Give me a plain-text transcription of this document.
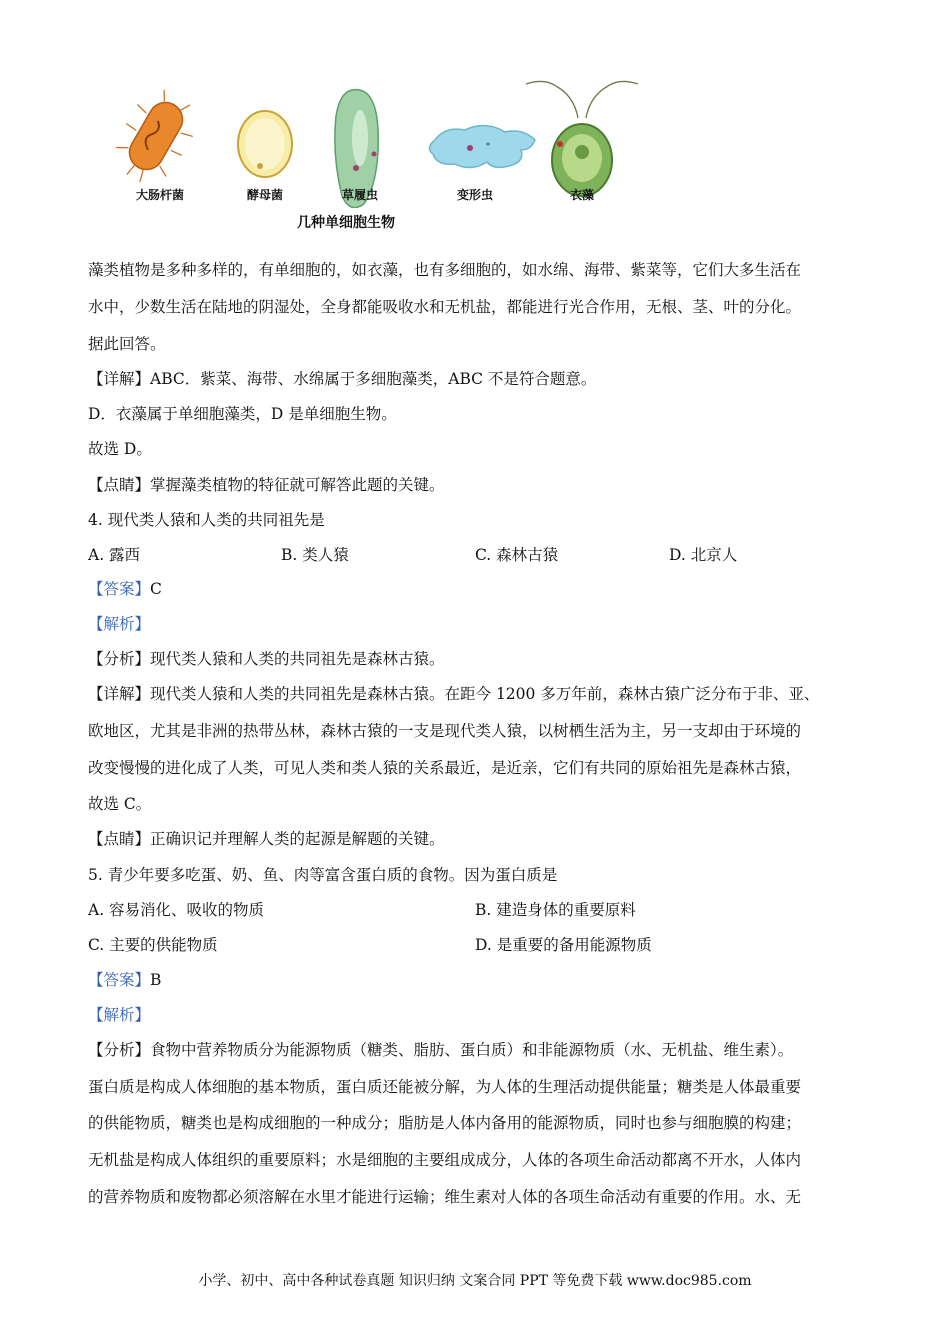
大肠杆菌	酵母菌	草履虫	变形虫	衣藻
几种单细胞生物
藻类植物是多种多样的，有单细胞的，如衣藻，也有多细胞的，如水绵、海带、紫菜等，它们大多生活在
水中，少数生活在陆地的阴湿处，全身都能吸收水和无机盐，都能进行光合作用，无根、茎、叶的分化。
据此回答。
【详解】ABC．紫菜、海带、水绵属于多细胞藻类，ABC 不是符合题意。
D．衣藻属于单细胞藻类，D 是单细胞生物。
故选 D。
【点睛】掌握藻类植物的特征就可解答此题的关键。
4. 现代类人猿和人类的共同祖先是
A. 露西	B. 类人猿	C. 森林古猿	D. 北京人
【答案】C
【解析】
【分析】现代类人猿和人类的共同祖先是森林古猿。
【详解】现代类人猿和人类的共同祖先是森林古猿。在距今 1200 多万年前，森林古猿广泛分布于非、亚、
欧地区，尤其是非洲的热带丛林，森林古猿的一支是现代类人猿，以树栖生活为主，另一支却由于环境的
改变慢慢的进化成了人类，可见人类和类人猿的关系最近，是近亲，它们有共同的原始祖先是森林古猿，
故选 C。
【点睛】正确识记并理解人类的起源是解题的关键。
5. 青少年要多吃蛋、奶、鱼、肉等富含蛋白质的食物。因为蛋白质是
A. 容易消化、吸收的物质	B. 建造身体的重要原料
C. 主要的供能物质	D. 是重要的备用能源物质
【答案】B
【解析】
【分析】食物中营养物质分为能源物质（糖类、脂肪、蛋白质）和非能源物质（水、无机盐、维生素）。
蛋白质是构成人体细胞的基本物质，蛋白质还能被分解，为人体的生理活动提供能量；糖类是人体最重要
的供能物质，糖类也是构成细胞的一种成分；脂肪是人体内备用的能源物质，同时也参与细胞膜的构建；
无机盐是构成人体组织的重要原料；水是细胞的主要组成成分，人体的各项生命活动都离不开水，人体内
的营养物质和废物都必须溶解在水里才能进行运输；维生素对人体的各项生命活动有重要的作用。水、无
小学、初中、高中各种试卷真题 知识归纳 文案合同 PPT 等免费下载 www.doc985.com
